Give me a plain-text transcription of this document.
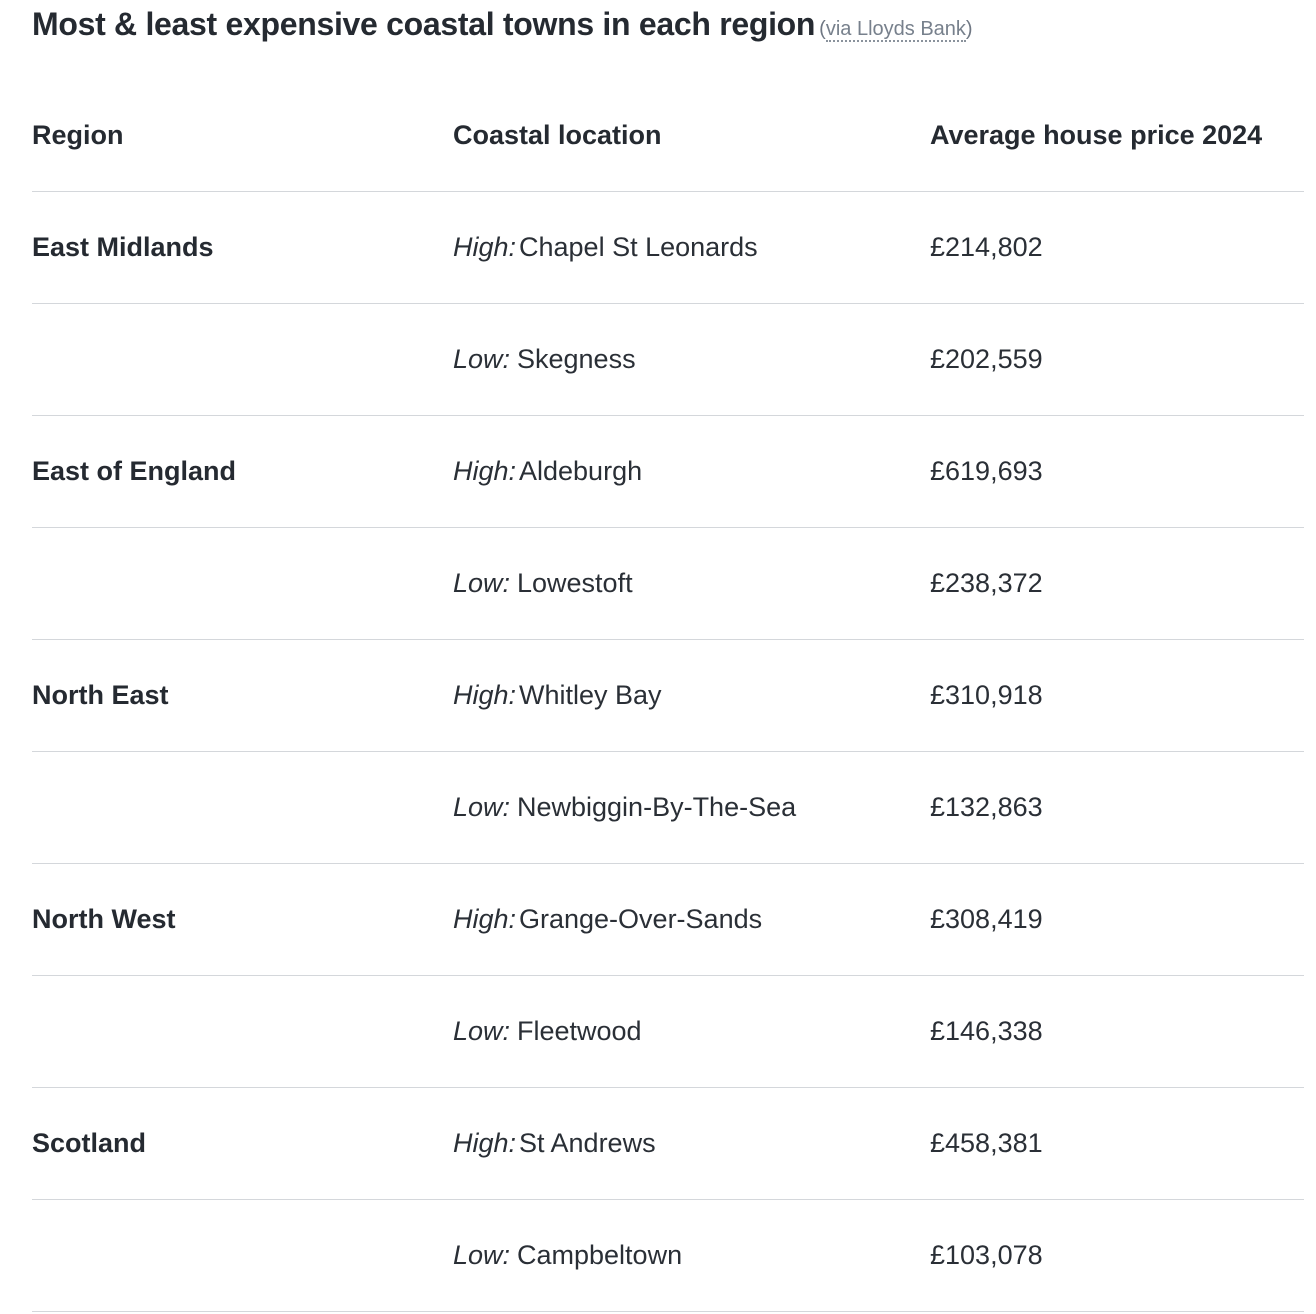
Most & least expensive coastal towns in each region (via Lloyds Bank)
Region	Coastal location	Average house price 2024
East Midlands	High: Chapel St Leonards	£214,802
	Low: Skegness	£202,559
East of England	High: Aldeburgh	£619,693
	Low: Lowestoft	£238,372
North East	High: Whitley Bay	£310,918
	Low: Newbiggin-By-The-Sea	£132,863
North West	High: Grange-Over-Sands	£308,419
	Low: Fleetwood	£146,338
Scotland	High: St Andrews	£458,381
	Low: Campbeltown	£103,078
